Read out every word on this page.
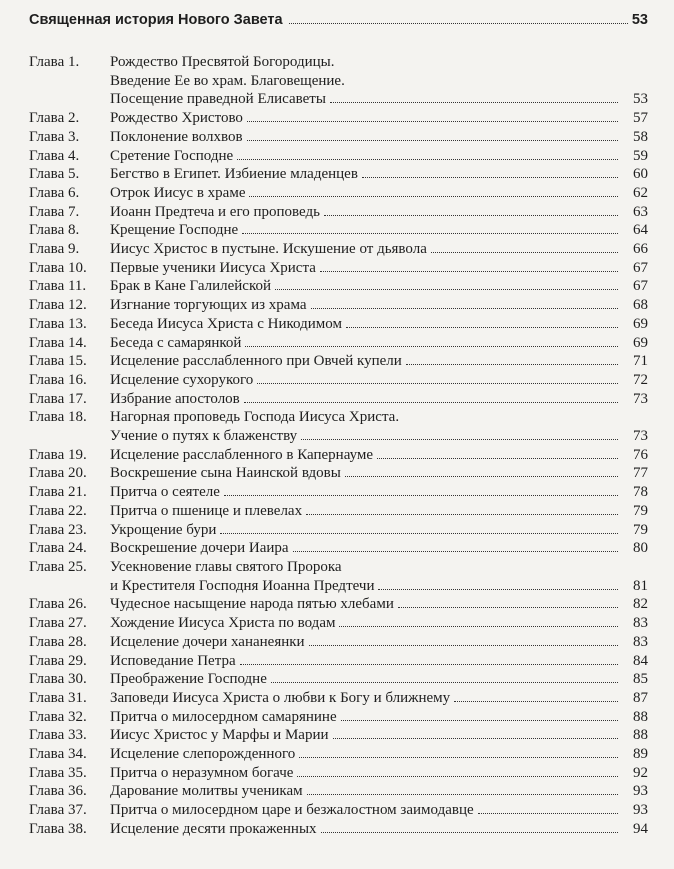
Священная история Нового Завета	53
Глава 1.	Рождество Пресвятой Богородицы.
Введение Ее во храм. Благовещение.
Посещение праведной Елисаветы	53
Глава 2.	Рождество Христово	57
Глава 3.	Поклонение волхвов	58
Глава 4.	Сретение Господне	59
Глава 5.	Бегство в Египет. Избиение младенцев	60
Глава 6.	Отрок Иисус в храме	62
Глава 7.	Иоанн Предтеча и его проповедь	63
Глава 8.	Крещение Господне	64
Глава 9.	Иисус Христос в пустыне. Искушение от дьявола	66
Глава 10.	Первые ученики Иисуса Христа	67
Глава 11.	Брак в Кане Галилейской	67
Глава 12.	Изгнание торгующих из храма	68
Глава 13.	Беседа Иисуса Христа с Никодимом	69
Глава 14.	Беседа с самарянкой	69
Глава 15.	Исцеление расслабленного при Овчей купели	71
Глава 16.	Исцеление сухорукого	72
Глава 17.	Избрание апостолов	73
Глава 18.	Нагорная проповедь Господа Иисуса Христа.
Учение о путях к блаженству	73
Глава 19.	Исцеление расслабленного в Капернауме	76
Глава 20.	Воскрешение сына Наинской вдовы	77
Глава 21.	Притча о сеятеле	78
Глава 22.	Притча о пшенице и плевелах	79
Глава 23.	Укрощение бури	79
Глава 24.	Воскрешение дочери Иаира	80
Глава 25.	Усекновение главы святого Пророка
и Крестителя Господня Иоанна Предтечи	81
Глава 26.	Чудесное насыщение народа пятью хлебами	82
Глава 27.	Хождение Иисуса Христа по водам	83
Глава 28.	Исцеление дочери хананеянки	83
Глава 29.	Исповедание Петра	84
Глава 30.	Преображение Господне	85
Глава 31.	Заповеди Иисуса Христа о любви к Богу и ближнему	87
Глава 32.	Притча о милосердном самарянине	88
Глава 33.	Иисус Христос у Марфы и Марии	88
Глава 34.	Исцеление слепорожденного	89
Глава 35.	Притча о неразумном богаче	92
Глава 36.	Дарование молитвы ученикам	93
Глава 37.	Притча о милосердном царе и безжалостном заимодавце	93
Глава 38.	Исцеление десяти прокаженных	94
